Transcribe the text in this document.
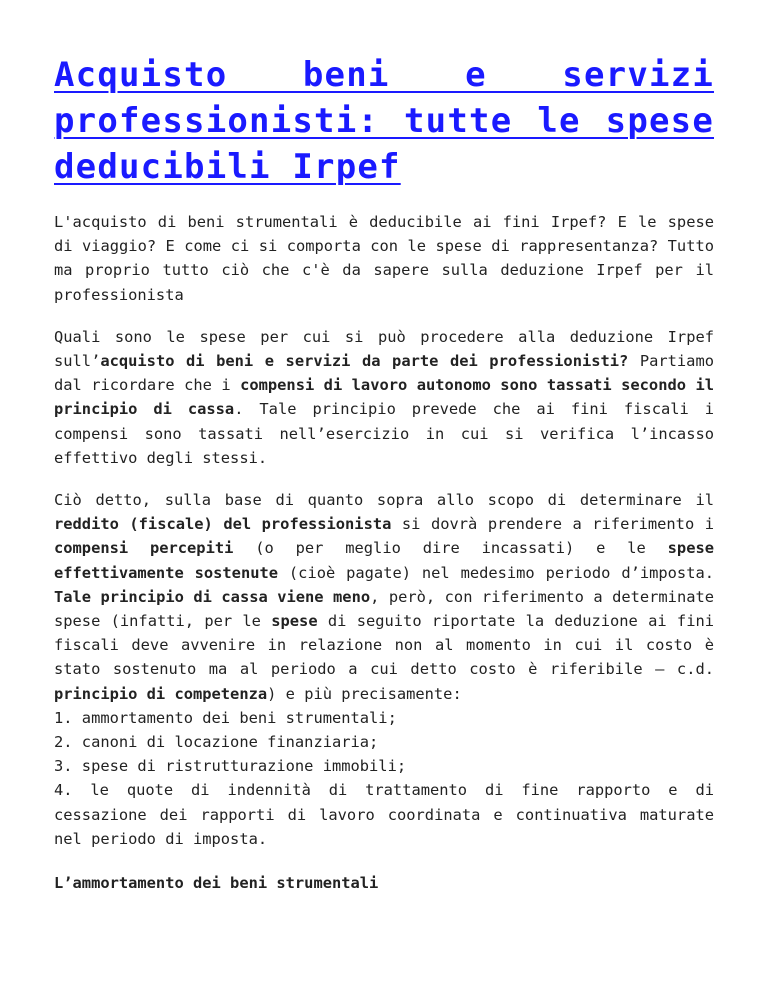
Acquisto beni e servizi professionisti: tutte le spese deducibili Irpef

L'acquisto di beni strumentali è deducibile ai fini Irpef? E le spese di viaggio? E come ci si comporta con le spese di rappresentanza? Tutto ma proprio tutto ciò che c'è da sapere sulla deduzione Irpef per il professionista

Quali sono le spese per cui si può procedere alla deduzione Irpef sull’acquisto di beni e servizi da parte dei professionisti? Partiamo dal ricordare che i compensi di lavoro autonomo sono tassati secondo il principio di cassa. Tale principio prevede che ai fini fiscali i compensi sono tassati nell’esercizio in cui si verifica l’incasso effettivo degli stessi.

Ciò detto, sulla base di quanto sopra allo scopo di determinare il reddito (fiscale) del professionista si dovrà prendere a riferimento i compensi percepiti (o per meglio dire incassati) e le spese effettivamente sostenute (cioè pagate) nel medesimo periodo d’imposta. Tale principio di cassa viene meno, però, con riferimento a determinate spese (infatti, per le spese di seguito riportate la deduzione ai fini fiscali deve avvenire in relazione non al momento in cui il costo è stato sostenuto ma al periodo a cui detto costo è riferibile – c.d. principio di competenza) e più precisamente:
1. ammortamento dei beni strumentali;
2. canoni di locazione finanziaria;
3. spese di ristrutturazione immobili;
4. le quote di indennità di trattamento di fine rapporto e di cessazione dei rapporti di lavoro coordinata e continuativa maturate nel periodo di imposta.

L’ammortamento dei beni strumentali
